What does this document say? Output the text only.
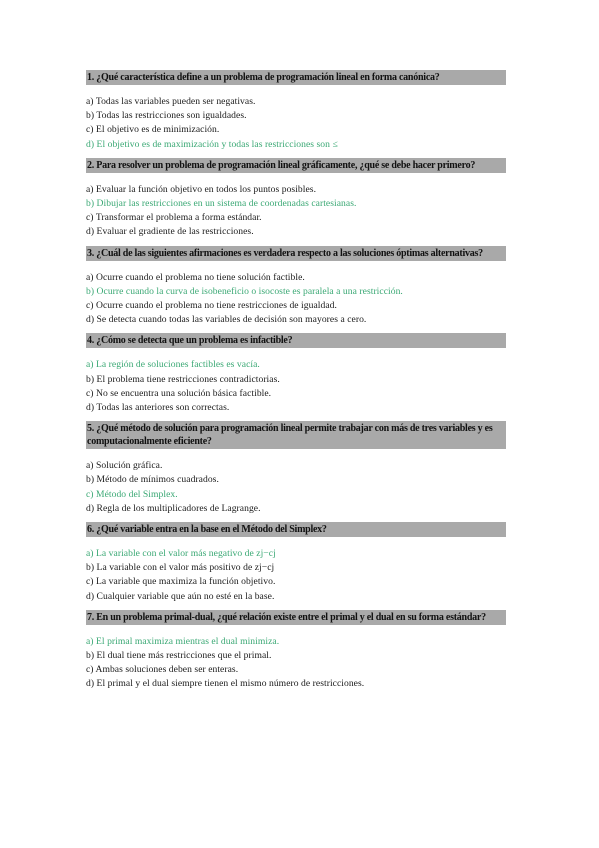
1. ¿Qué característica define a un problema de programación lineal en forma canónica?
a) Todas las variables pueden ser negativas.
b) Todas las restricciones son igualdades.
c) El objetivo es de minimización.
d) El objetivo es de maximización y todas las restricciones son ≤
2. Para resolver un problema de programación lineal gráficamente, ¿qué se debe hacer primero?
a) Evaluar la función objetivo en todos los puntos posibles.
b) Dibujar las restricciones en un sistema de coordenadas cartesianas.
c) Transformar el problema a forma estándar.
d) Evaluar el gradiente de las restricciones.
3. ¿Cuál de las siguientes afirmaciones es verdadera respecto a las soluciones óptimas alternativas?
a) Ocurre cuando el problema no tiene solución factible.
b) Ocurre cuando la curva de isobeneficio o isocoste es paralela a una restricción.
c) Ocurre cuando el problema no tiene restricciones de igualdad.
d) Se detecta cuando todas las variables de decisión son mayores a cero.
4. ¿Cómo se detecta que un problema es infactible?
a) La región de soluciones factibles es vacía.
b) El problema tiene restricciones contradictorias.
c) No se encuentra una solución básica factible.
d) Todas las anteriores son correctas.
5. ¿Qué método de solución para programación lineal permite trabajar con más de tres variables y es computacionalmente eficiente?
a) Solución gráfica.
b) Método de mínimos cuadrados.
c) Método del Simplex.
d) Regla de los multiplicadores de Lagrange.
6. ¿Qué variable entra en la base en el Método del Simplex?
a) La variable con el valor más negativo de zj−cj
b) La variable con el valor más positivo de zj−cj
c) La variable que maximiza la función objetivo.
d) Cualquier variable que aún no esté en la base.
7. En un problema primal-dual, ¿qué relación existe entre el primal y el dual en su forma estándar?
a) El primal maximiza mientras el dual minimiza.
b) El dual tiene más restricciones que el primal.
c) Ambas soluciones deben ser enteras.
d) El primal y el dual siempre tienen el mismo número de restricciones.
